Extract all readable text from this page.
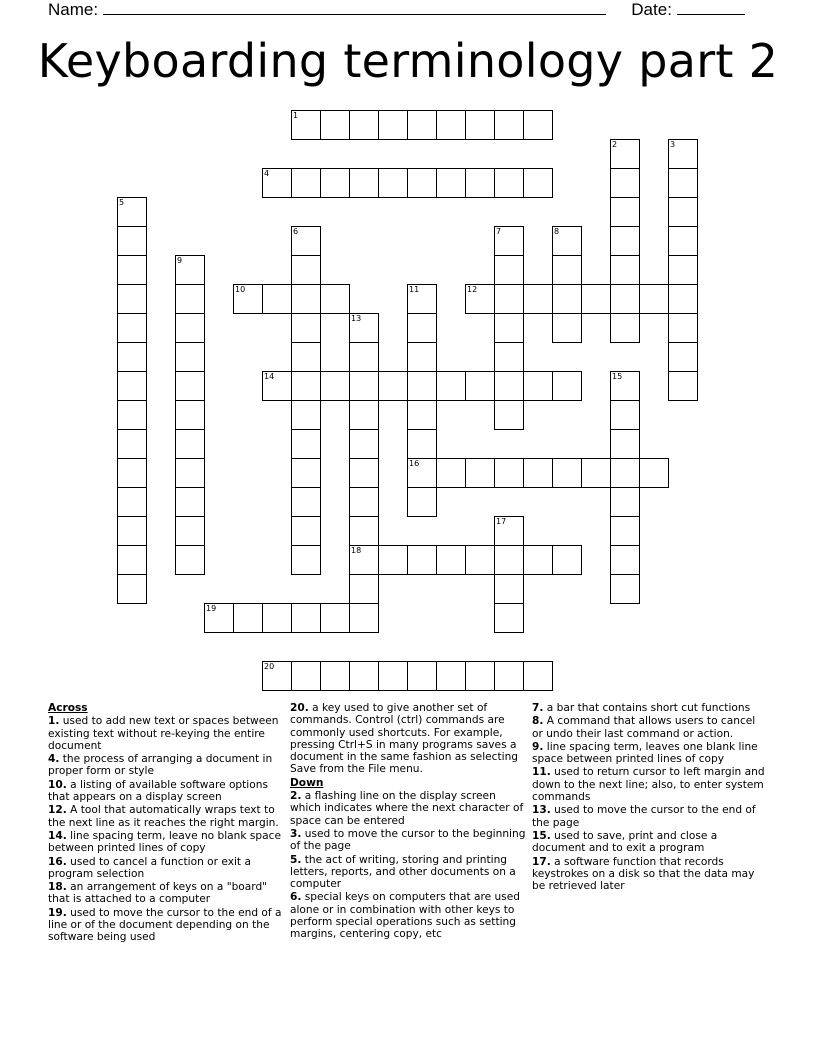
Name:	Date:
Keyboarding terminology part 2
1
2	3
4
5
6	7	8
9
10	11
16
12
13
18
14	15
17
19
20
Across
1. used to add new text or spaces between existing text without re-keying the entire document
4. the process of arranging a document in proper form or style
10. a listing of available software options that appears on a display screen
12. A tool that automatically wraps text to the next line as it reaches the right margin.
14. line spacing term, leave no blank space between printed lines of copy
16. used to cancel a function or exit a program selection
18. an arrangement of keys on a "board" that is attached to a computer
19. used to move the cursor to the end of a line or of the document depending on the software being used
20. a key used to give another set of commands. Control (ctrl) commands are commonly used shortcuts. For example, pressing Ctrl+S in many programs saves a document in the same fashion as selecting Save from the File menu.
Down
2. a flashing line on the display screen which indicates where the next character of space can be entered
3. used to move the cursor to the beginning of the page
5. the act of writing, storing and printing letters, reports, and other documents on a computer
6. special keys on computers that are used alone or in combination with other keys to perform special operations such as setting margins, centering copy, etc
7. a bar that contains short cut functions
8. A command that allows users to cancel or undo their last command or action.
9. line spacing term, leaves one blank line space between printed lines of copy
11. used to return cursor to left margin and down to the next line; also, to enter system commands
13. used to move the cursor to the end of the page
15. used to save, print and close a document and to exit a program
17. a software function that records keystrokes on a disk so that the data may be retrieved later
